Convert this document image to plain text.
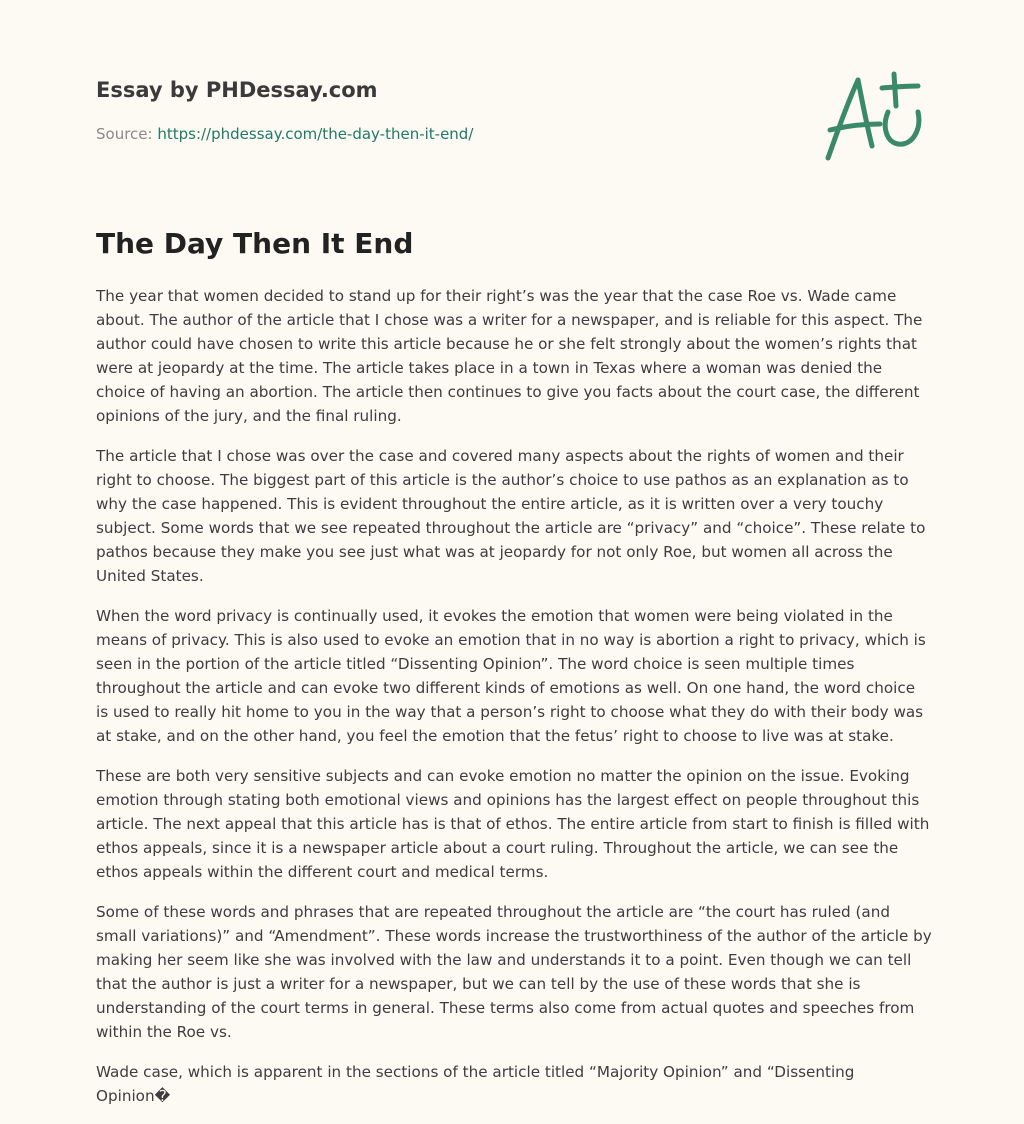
Essay by PHDessay.com
Source: https://phdessay.com/the-day-then-it-end/
The Day Then It End

The year that women decided to stand up for their right’s was the year that the case Roe vs. Wade came about. The author of the article that I chose was a writer for a newspaper, and is reliable for this aspect. The author could have chosen to write this article because he or she felt strongly about the women’s rights that were at jeopardy at the time. The article takes place in a town in Texas where a woman was denied the choice of having an abortion. The article then continues to give you facts about the court case, the different opinions of the jury, and the final ruling.

The article that I chose was over the case and covered many aspects about the rights of women and their right to choose. The biggest part of this article is the author’s choice to use pathos as an explanation as to why the case happened. This is evident throughout the entire article, as it is written over a very touchy subject. Some words that we see repeated throughout the article are “privacy” and “choice”. These relate to pathos because they make you see just what was at jeopardy for not only Roe, but women all across the United States.

When the word privacy is continually used, it evokes the emotion that women were being violated in the means of privacy. This is also used to evoke an emotion that in no way is abortion a right to privacy, which is seen in the portion of the article titled “Dissenting Opinion”. The word choice is seen multiple times throughout the article and can evoke two different kinds of emotions as well. On one hand, the word choice is used to really hit home to you in the way that a person’s right to choose what they do with their body was at stake, and on the other hand, you feel the emotion that the fetus’ right to choose to live was at stake.

These are both very sensitive subjects and can evoke emotion no matter the opinion on the issue. Evoking emotion through stating both emotional views and opinions has the largest effect on people throughout this article. The next appeal that this article has is that of ethos. The entire article from start to finish is filled with ethos appeals, since it is a newspaper article about a court ruling. Throughout the article, we can see the ethos appeals within the different court and medical terms.

Some of these words and phrases that are repeated throughout the article are “the court has ruled (and small variations)” and “Amendment”. These words increase the trustworthiness of the author of the article by making her seem like she was involved with the law and understands it to a point. Even though we can tell that the author is just a writer for a newspaper, but we can tell by the use of these words that she is understanding of the court terms in general. These terms also come from actual quotes and speeches from within the Roe vs.

Wade case, which is apparent in the sections of the article titled “Majority Opinion” and “Dissenting Opinion�
